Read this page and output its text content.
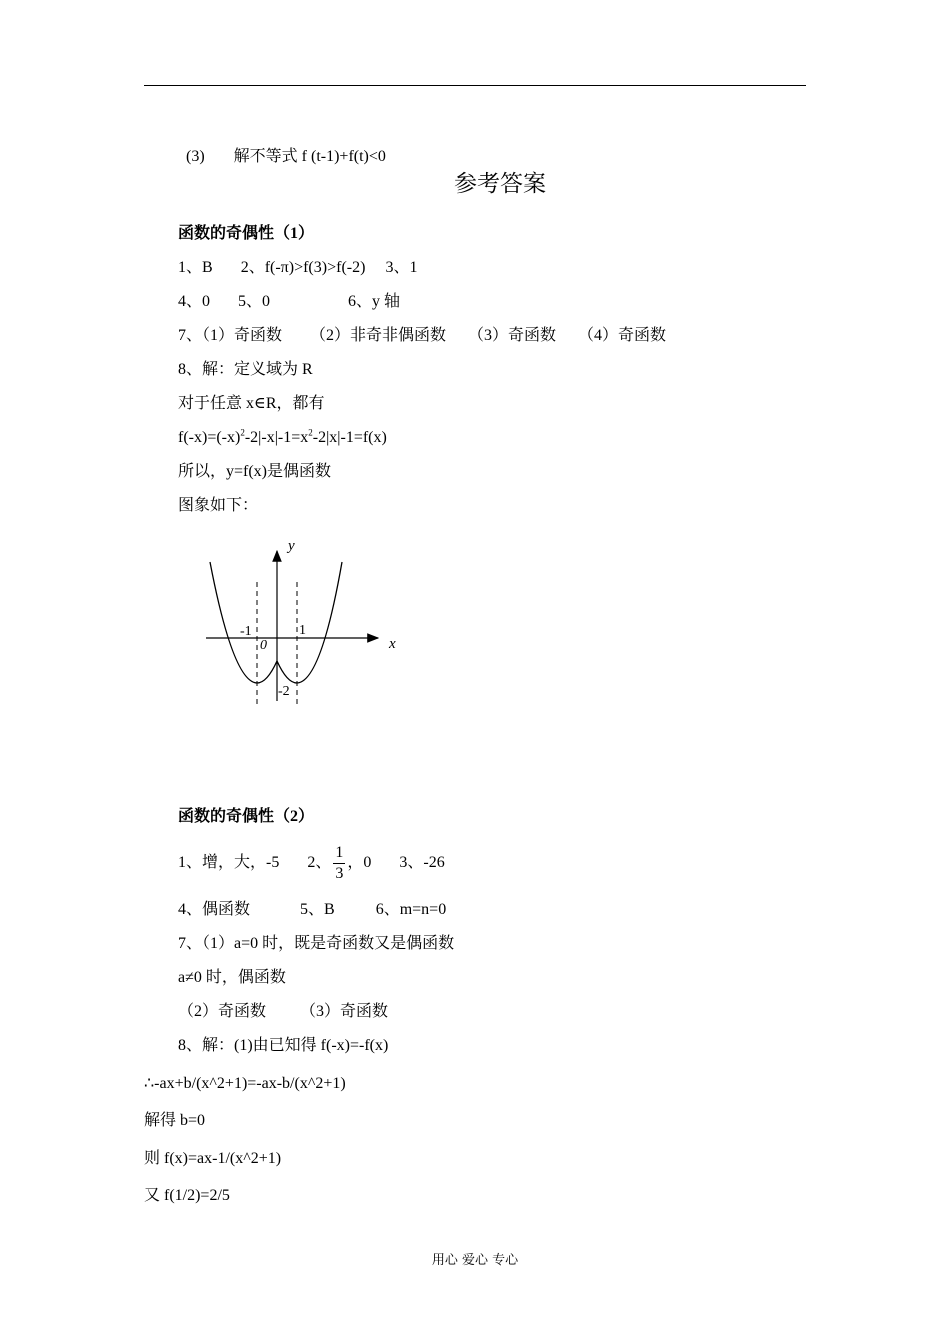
(3) 解不等式 f (t-1)+f(t)<0

参考答案
函数的奇偶性（1）
1、B 2、f(-π)>f(3)>f(-2) 3、1
4、0 5、0	6、y 轴
7、（1）奇函数 （2）非奇非偶函数 （3）奇函数 （4）奇函数
8、解：定义域为 R
对于任意 x∈R，都有
$f(-x)=(-x)^2-2|-x|-1=x^2-2|x|-1=f(x)$
所以，y=f(x)是偶函数
图象如下：
y
x
0
-1	1
-2
函数的奇偶性（2）
1、增，大，-5 2、 $\frac{1}{3}$ ，0 3、-26
4、偶函数	5、B	6、m=n=0
7、（1）a=0 时，既是奇函数又是偶函数
a≠0 时，偶函数
（2）奇函数 （3）奇函数
8、解：(1)由已知得 f(-x)=-f(x)
∴-ax+b/(x^2+1)=-ax-b/(x^2+1)
解得 b=0
则 f(x)=ax-1/(x^2+1)
又 f(1/2)=2/5
用心 爱心 专心
